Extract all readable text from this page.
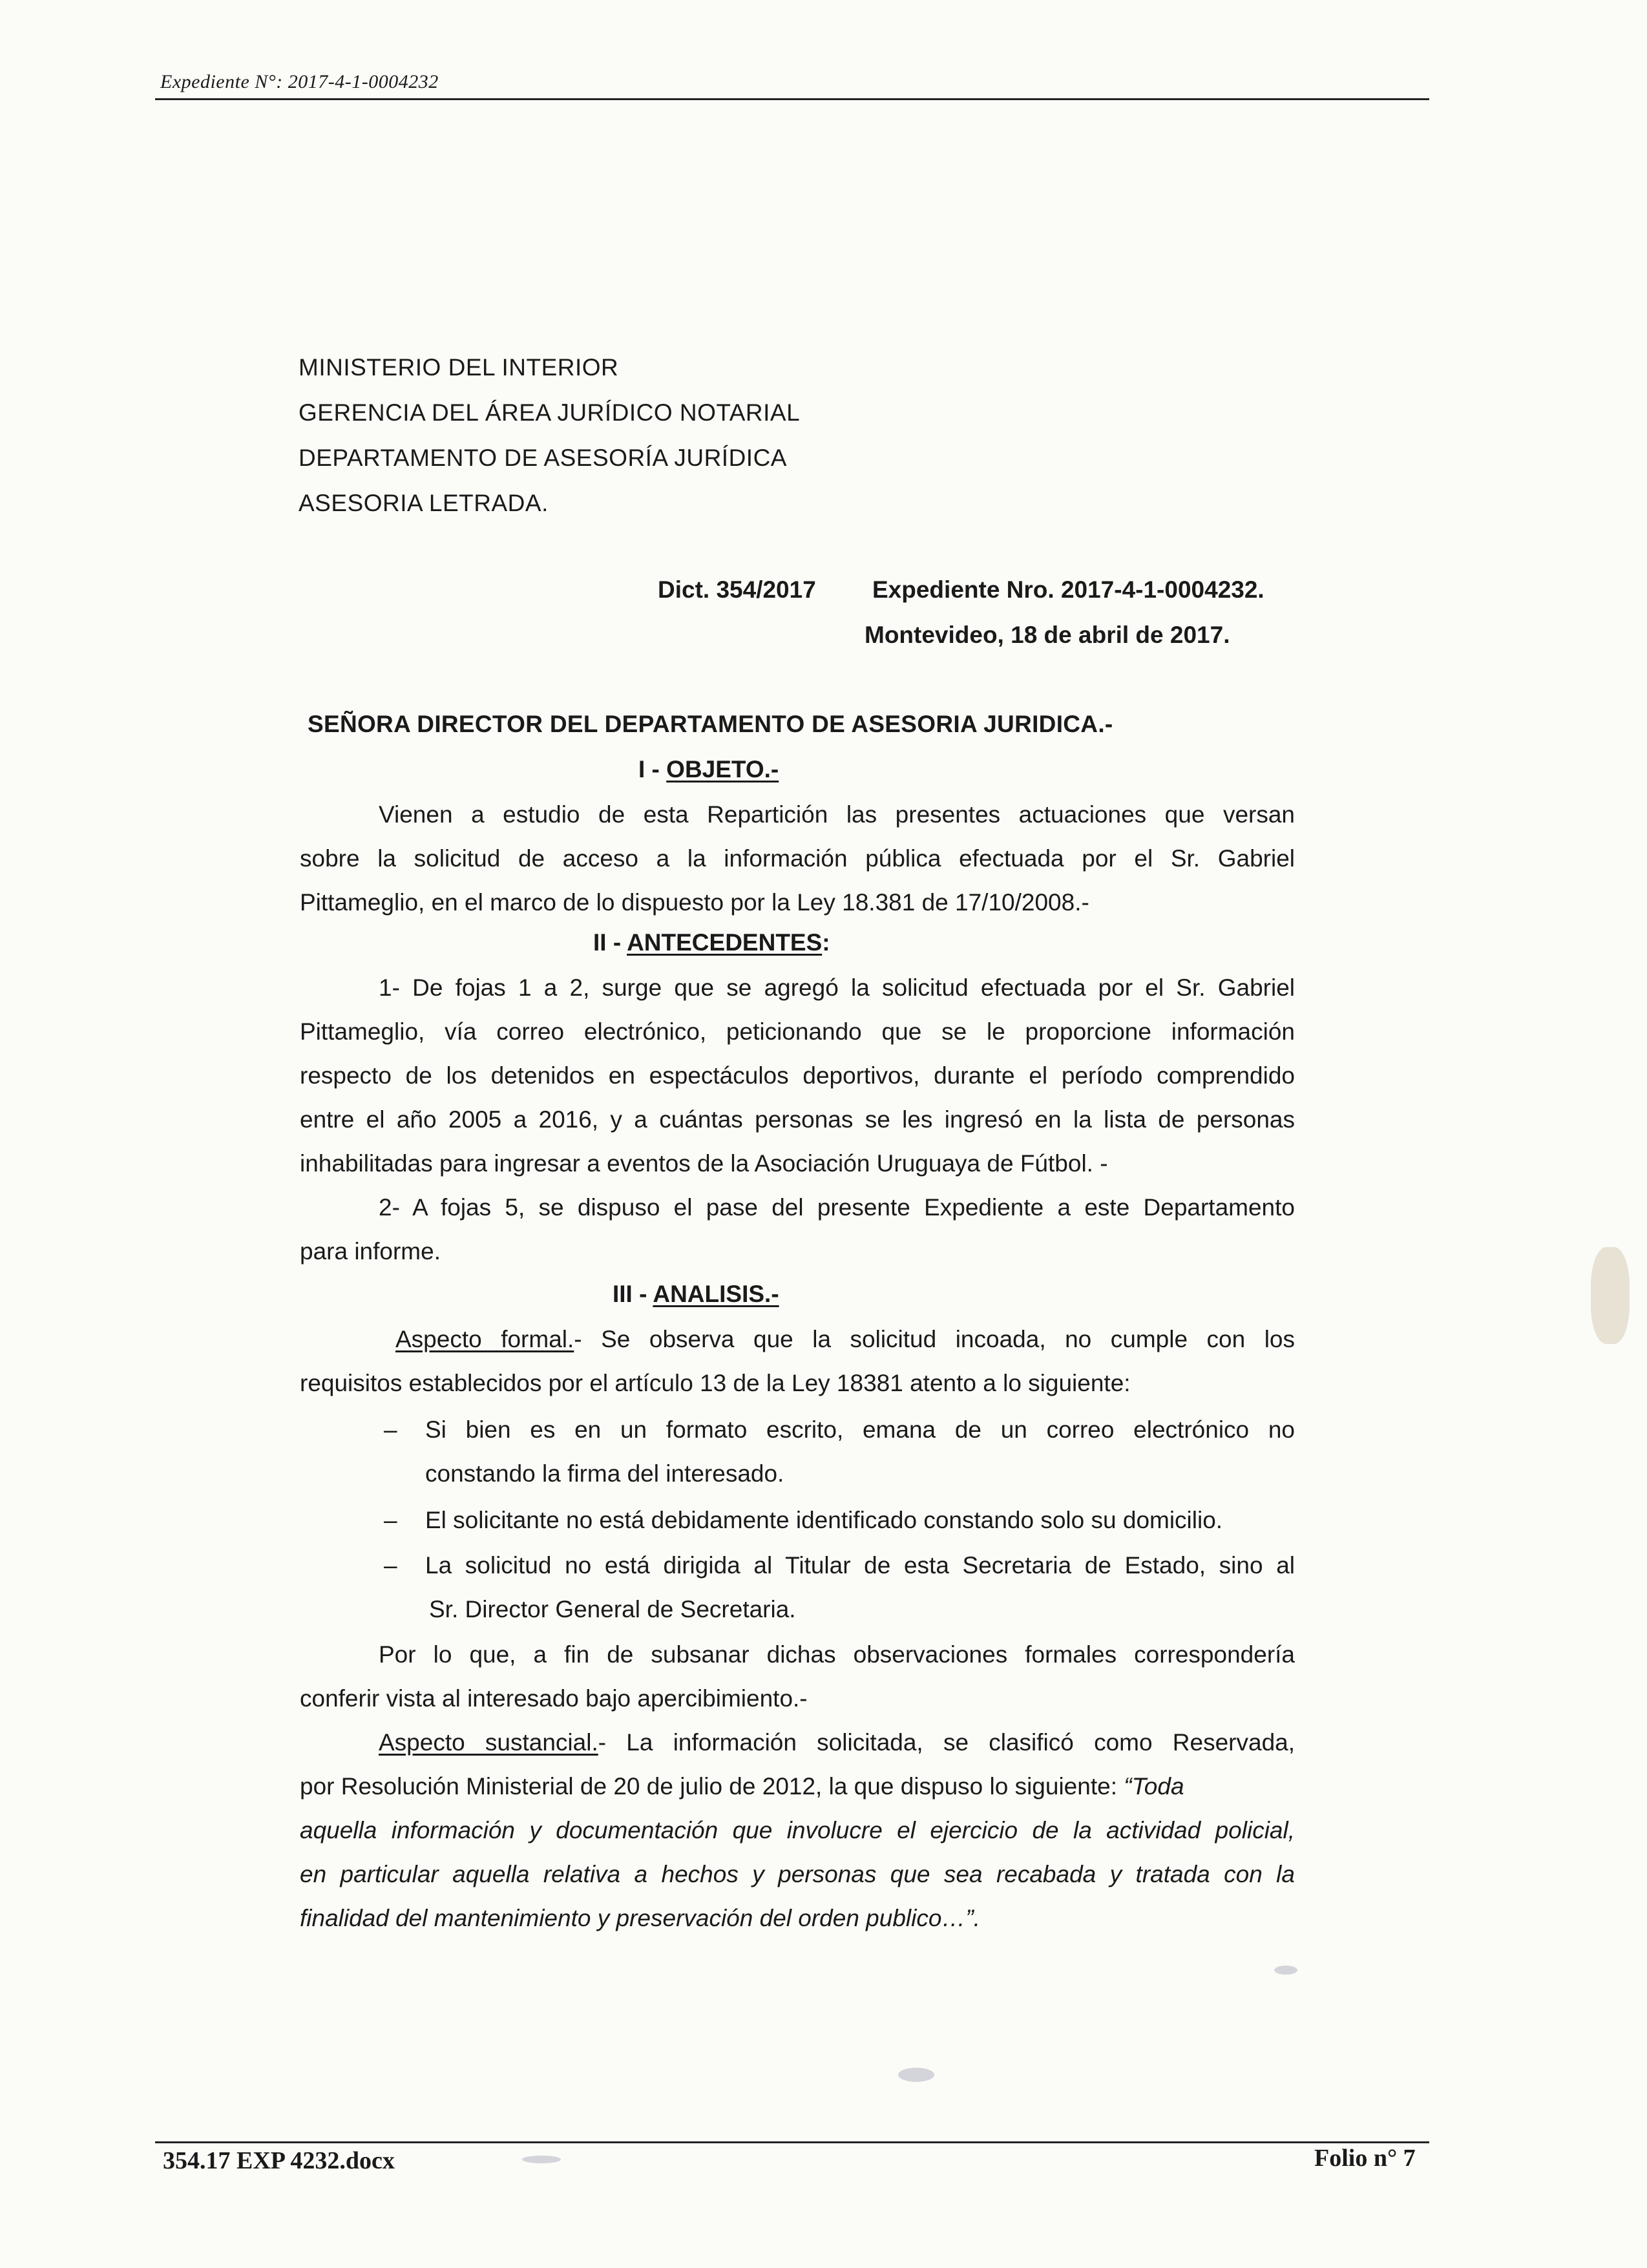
Expediente N°: 2017-4-1-0004232
MINISTERIO DEL INTERIOR
GERENCIA DEL ÁREA JURÍDICO NOTARIAL
DEPARTAMENTO DE ASESORÍA JURÍDICA
ASESORIA LETRADA.
Dict. 354/2017 Expediente Nro. 2017-4-1-0004232.
Montevideo, 18 de abril de 2017.
SEÑORA DIRECTOR DEL DEPARTAMENTO DE ASESORIA JURIDICA.-
I - OBJETO.-
Vienen a estudio de esta Repartición las presentes actuaciones que versan
sobre la solicitud de acceso a la información pública efectuada por el Sr. Gabriel
Pittameglio, en el marco de lo dispuesto por la Ley 18.381 de 17/10/2008.-
II - ANTECEDENTES:
1- De fojas 1 a 2, surge que se agregó la solicitud efectuada por el Sr. Gabriel
Pittameglio, vía correo electrónico, peticionando que se le proporcione información
respecto de los detenidos en espectáculos deportivos, durante el período comprendido
entre el año 2005 a 2016, y a cuántas personas se les ingresó en la lista de personas
inhabilitadas para ingresar a eventos de la Asociación Uruguaya de Fútbol. -
2- A fojas 5, se dispuso el pase del presente Expediente a este Departamento
para informe.
III - ANALISIS.-
Aspecto formal.- Se observa que la solicitud incoada, no cumple con los
requisitos establecidos por el artículo 13 de la Ley 18381 atento a lo siguiente:
– Si bien es en un formato escrito, emana de un correo electrónico no
constando la firma del interesado.
– El solicitante no está debidamente identificado constando solo su domicilio.
– La solicitud no está dirigida al Titular de esta Secretaria de Estado, sino al
Sr. Director General de Secretaria.
Por lo que, a fin de subsanar dichas observaciones formales correspondería
conferir vista al interesado bajo apercibimiento.-
Aspecto sustancial.- La información solicitada, se clasificó como Reservada,
por Resolución Ministerial de 20 de julio de 2012, la que dispuso lo siguiente: “Toda
aquella información y documentación que involucre el ejercicio de la actividad policial,
en particular aquella relativa a hechos y personas que sea recabada y tratada con la
finalidad del mantenimiento y preservación del orden publico…”.
354.17 EXP 4232.docx	Folio n° 7
